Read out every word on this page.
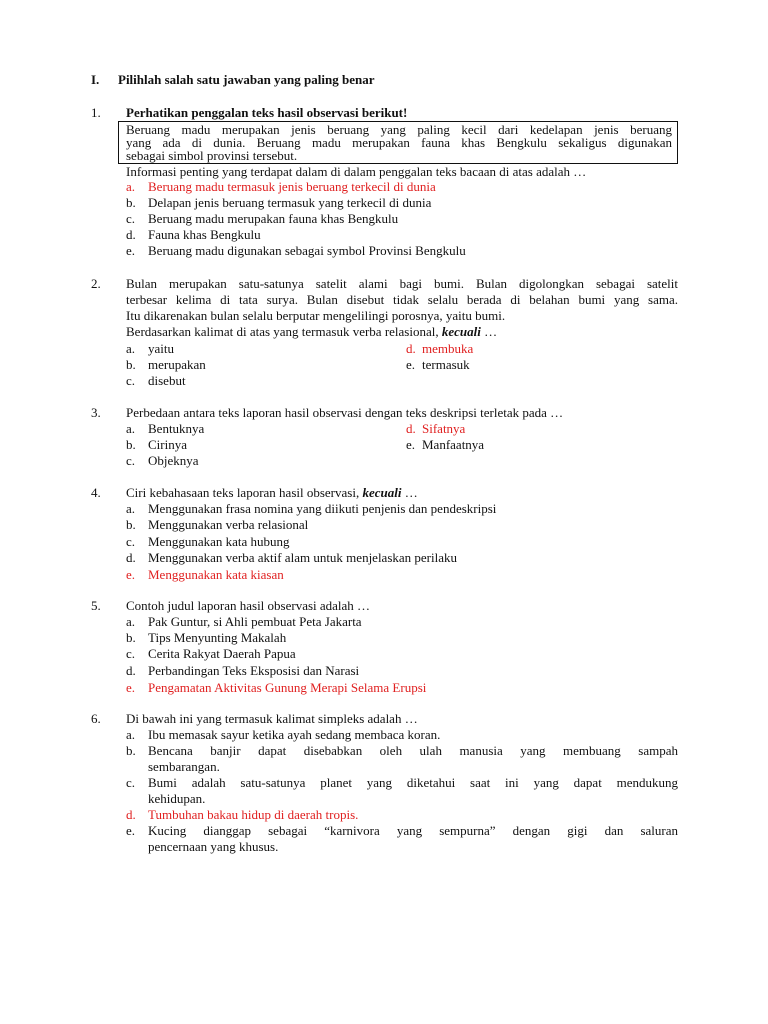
I. Pilihlah salah satu jawaban yang paling benar
1. Perhatikan penggalan teks hasil observasi berikut!
Beruang madu merupakan jenis beruang yang paling kecil dari kedelapan jenis beruang
yang ada di dunia. Beruang madu merupakan fauna khas Bengkulu sekaligus digunakan
sebagai simbol provinsi tersebut.
Informasi penting yang terdapat dalam di dalam penggalan teks bacaan di atas adalah …
a. Beruang madu termasuk jenis beruang terkecil di dunia
b. Delapan jenis beruang termasuk yang terkecil di dunia
c. Beruang madu merupakan fauna khas Bengkulu
d. Fauna khas Bengkulu
e. Beruang madu digunakan sebagai symbol Provinsi Bengkulu
2. Bulan merupakan satu-satunya satelit alami bagi bumi. Bulan digolongkan sebagai satelit
terbesar kelima di tata surya. Bulan disebut tidak selalu berada di belahan bumi yang sama.
Itu dikarenakan bulan selalu berputar mengelilingi porosnya, yaitu bumi.
Berdasarkan kalimat di atas yang termasuk verba relasional, kecuali …
a. yaitu
b. merupakan
c. disebut
d. membuka
e. termasuk
3. Perbedaan antara teks laporan hasil observasi dengan teks deskripsi terletak pada …
a. Bentuknya
b. Cirinya
c. Objeknya
d. Sifatnya
e. Manfaatnya
4. Ciri kebahasaan teks laporan hasil observasi, kecuali …
a. Menggunakan frasa nomina yang diikuti penjenis dan pendeskripsi
b. Menggunakan verba relasional
c. Menggunakan kata hubung
d. Menggunakan verba aktif alam untuk menjelaskan perilaku
e. Menggunakan kata kiasan
5. Contoh judul laporan hasil observasi adalah …
a. Pak Guntur, si Ahli pembuat Peta Jakarta
b. Tips Menyunting Makalah
c. Cerita Rakyat Daerah Papua
d. Perbandingan Teks Eksposisi dan Narasi
e. Pengamatan Aktivitas Gunung Merapi Selama Erupsi
6. Di bawah ini yang termasuk kalimat simpleks adalah …
a. Ibu memasak sayur ketika ayah sedang membaca koran.
b. Bencana banjir dapat disebabkan oleh ulah manusia yang membuang sampah
sembarangan.
c. Bumi adalah satu-satunya planet yang diketahui saat ini yang dapat mendukung
kehidupan.
d. Tumbuhan bakau hidup di daerah tropis.
e. Kucing dianggap sebagai “karnivora yang sempurna” dengan gigi dan saluran
pencernaan yang khusus.
